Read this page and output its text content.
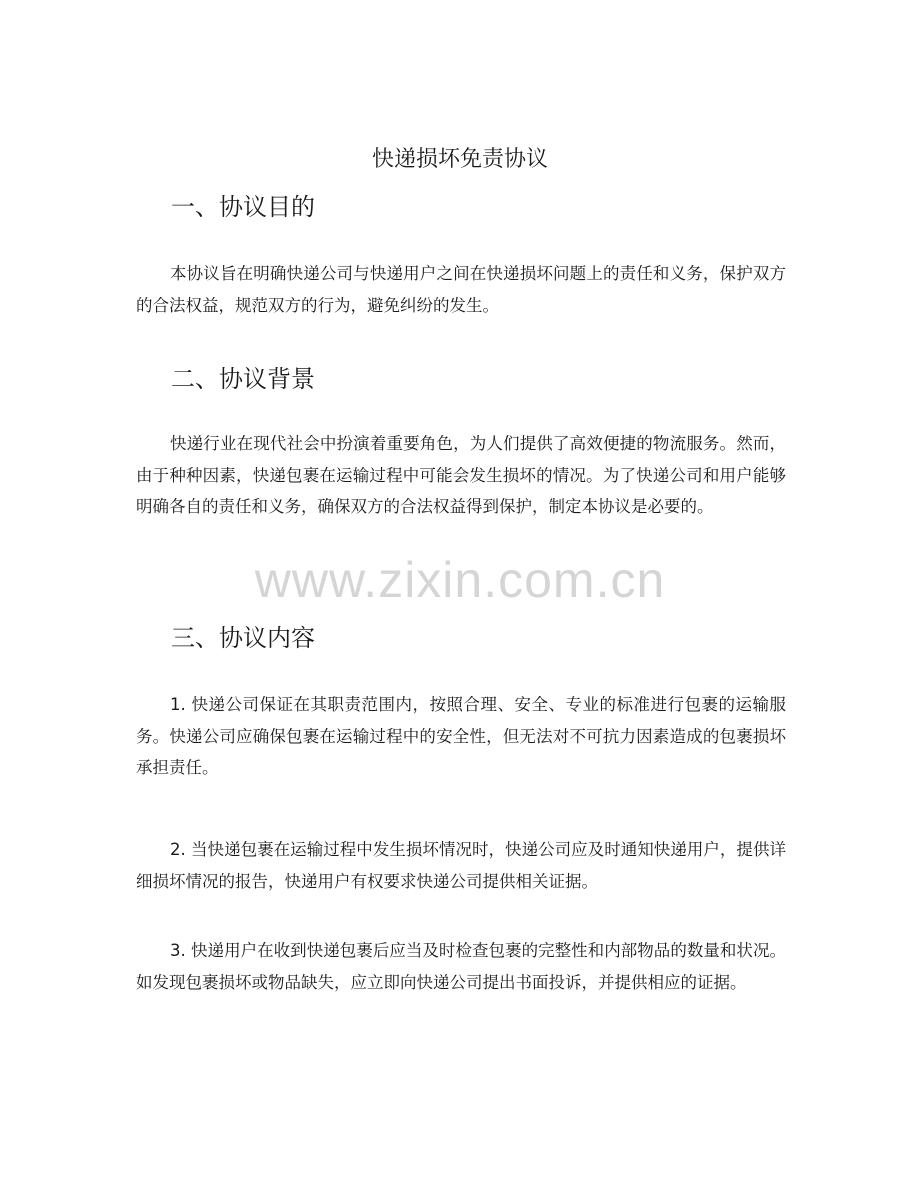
快递损坏免责协议
一、协议目的

本协议旨在明确快递公司与快递用户之间在快递损坏问题上的责任和义务，保护双方的合法权益，规范双方的行为，避免纠纷的发生。

二、协议背景

快递行业在现代社会中扮演着重要角色，为人们提供了高效便捷的物流服务。然而，由于种种因素，快递包裹在运输过程中可能会发生损坏的情况。为了快递公司和用户能够明确各自的责任和义务，确保双方的合法权益得到保护，制定本协议是必要的。

三、协议内容

1. 快递公司保证在其职责范围内，按照合理、安全、专业的标准进行包裹的运输服务。快递公司应确保包裹在运输过程中的安全性，但无法对不可抗力因素造成的包裹损坏承担责任。

2. 当快递包裹在运输过程中发生损坏情况时，快递公司应及时通知快递用户，提供详细损坏情况的报告，快递用户有权要求快递公司提供相关证据。

3. 快递用户在收到快递包裹后应当及时检查包裹的完整性和内部物品的数量和状况。如发现包裹损坏或物品缺失，应立即向快递公司提出书面投诉，并提供相应的证据。

www.zixin.com.cn
